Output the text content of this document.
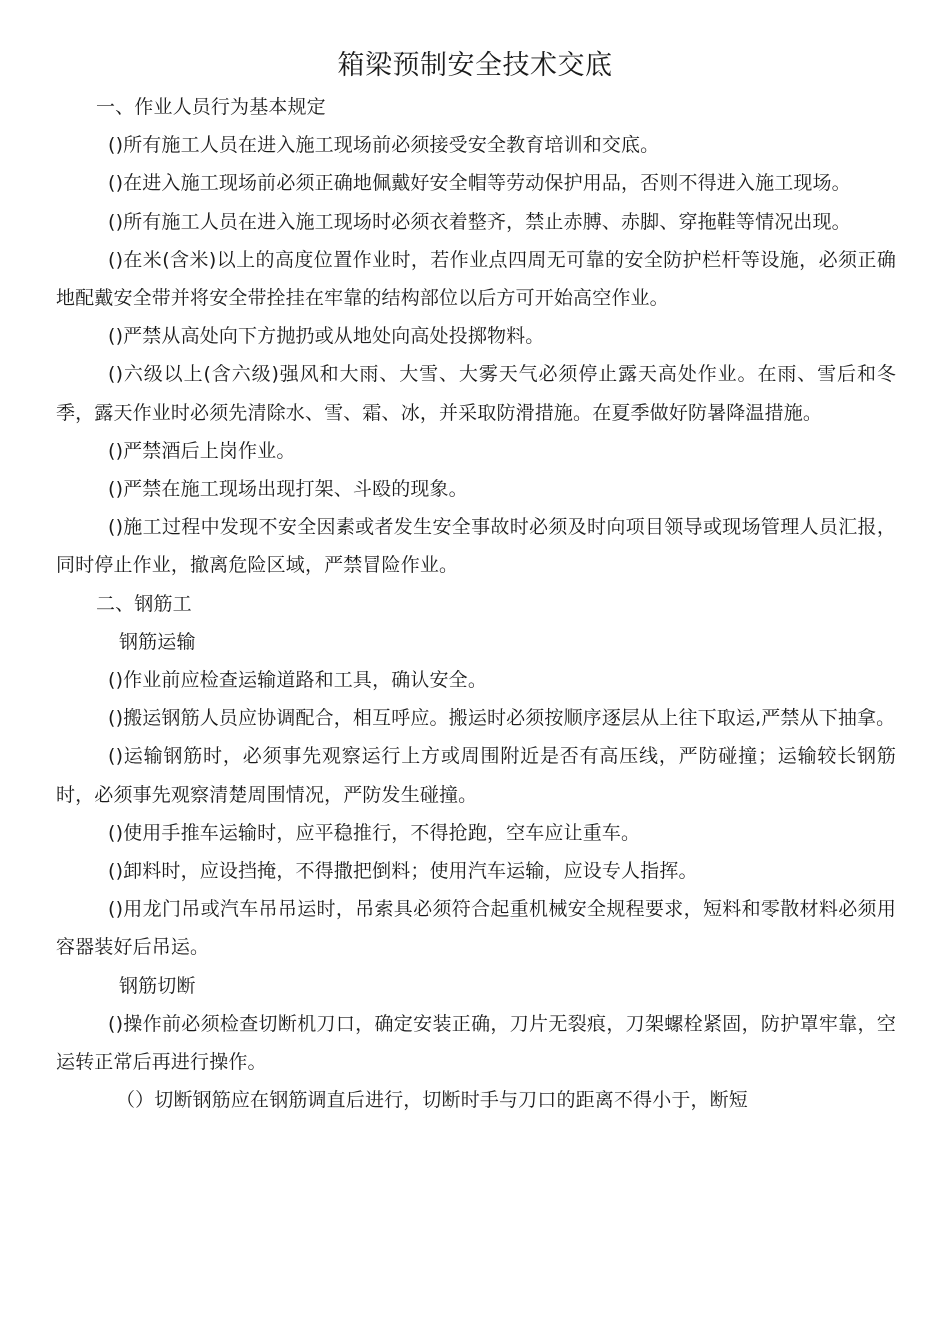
箱梁预制安全技术交底

一、作业人员行为基本规定

()所有施工人员在进入施工现场前必须接受安全教育培训和交底。

()在进入施工现场前必须正确地佩戴好安全帽等劳动保护用品，否则不得进入施工现场。

()所有施工人员在进入施工现场时必须衣着整齐，禁止赤膊、赤脚、穿拖鞋等情况出现。

()在米(含米)以上的高度位置作业时，若作业点四周无可靠的安全防护栏杆等设施，必须正确地配戴安全带并将安全带拴挂在牢靠的结构部位以后方可开始高空作业。

()严禁从高处向下方抛扔或从地处向高处投掷物料。

()六级以上(含六级)强风和大雨、大雪、大雾天气必须停止露天高处作业。在雨、雪后和冬季，露天作业时必须先清除水、雪、霜、冰，并采取防滑措施。在夏季做好防暑降温措施。

()严禁酒后上岗作业。

()严禁在施工现场出现打架、斗殴的现象。

()施工过程中发现不安全因素或者发生安全事故时必须及时向项目领导或现场管理人员汇报，同时停止作业，撤离危险区域，严禁冒险作业。

二、钢筋工

钢筋运输

()作业前应检查运输道路和工具，确认安全。

()搬运钢筋人员应协调配合，相互呼应。搬运时必须按顺序逐层从上往下取运,严禁从下抽拿。

()运输钢筋时，必须事先观察运行上方或周围附近是否有高压线，严防碰撞；运输较长钢筋时，必须事先观察清楚周围情况，严防发生碰撞。

()使用手推车运输时，应平稳推行，不得抢跑，空车应让重车。

()卸料时，应设挡掩，不得撒把倒料；使用汽车运输，应设专人指挥。

()用龙门吊或汽车吊吊运时，吊索具必须符合起重机械安全规程要求，短料和零散材料必须用容器装好后吊运。

钢筋切断

()操作前必须检查切断机刀口，确定安装正确，刀片无裂痕，刀架螺栓紧固，防护罩牢靠，空运转正常后再进行操作。

（）切断钢筋应在钢筋调直后进行，切断时手与刀口的距离不得小于，断短
